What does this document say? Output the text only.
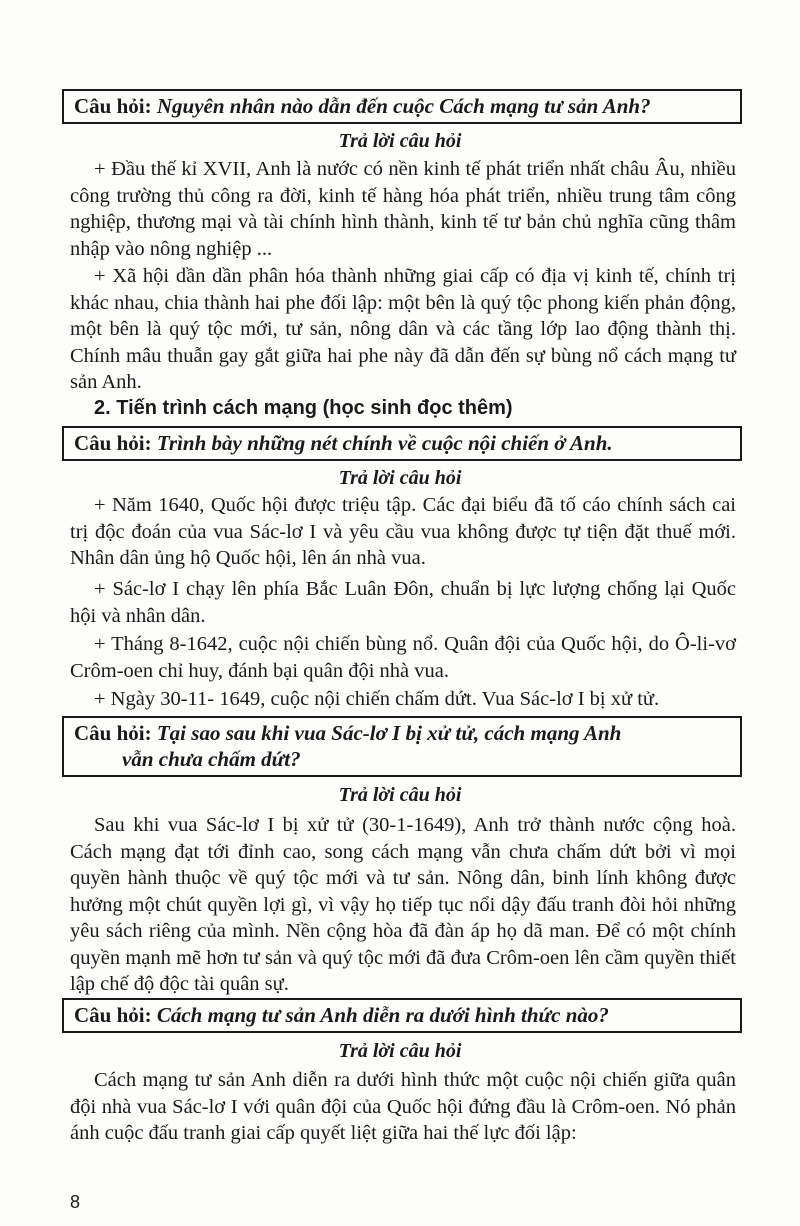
Câu hỏi: Nguyên nhân nào dẫn đến cuộc Cách mạng tư sản Anh?
Trả lời câu hỏi
+ Đầu thế kỉ XVII, Anh là nước có nền kinh tế phát triển nhất châu Âu, nhiều công trường thủ công ra đời, kinh tế hàng hóa phát triển, nhiều trung tâm công nghiệp, thương mại và tài chính hình thành, kinh tế tư bản chủ nghĩa cũng thâm nhập vào nông nghiệp ...
+ Xã hội dần dần phân hóa thành những giai cấp có địa vị kinh tế, chính trị khác nhau, chia thành hai phe đối lập: một bên là quý tộc phong kiến phản động, một bên là quý tộc mới, tư sản, nông dân và các tầng lớp lao động thành thị. Chính mâu thuẫn gay gắt giữa hai phe này đã dẫn đến sự bùng nổ cách mạng tư sản Anh.
2. Tiến trình cách mạng (học sinh đọc thêm)
Câu hỏi: Trình bày những nét chính về cuộc nội chiến ở Anh.
Trả lời câu hỏi
+ Năm 1640, Quốc hội được triệu tập. Các đại biểu đã tố cáo chính sách cai trị độc đoán của vua Sác-lơ I và yêu cầu vua không được tự tiện đặt thuế mới. Nhân dân ủng hộ Quốc hội, lên án nhà vua.
+ Sác-lơ I chạy lên phía Bắc Luân Đôn, chuẩn bị lực lượng chống lại Quốc hội và nhân dân.
+ Tháng 8-1642, cuộc nội chiến bùng nổ. Quân đội của Quốc hội, do Ô-li-vơ Crôm-oen chỉ huy, đánh bại quân đội nhà vua.
+ Ngày 30-11- 1649, cuộc nội chiến chấm dứt. Vua Sác-lơ I bị xử tử.
Câu hỏi: Tại sao sau khi vua Sác-lơ I bị xử tử, cách mạng Anh
vẫn chưa chấm dứt?
Trả lời câu hỏi
Sau khi vua Sác-lơ I bị xử tử (30-1-1649), Anh trở thành nước cộng hoà. Cách mạng đạt tới đỉnh cao, song cách mạng vẫn chưa chấm dứt bởi vì mọi quyền hành thuộc về quý tộc mới và tư sản. Nông dân, binh lính không được hưởng một chút quyền lợi gì, vì vậy họ tiếp tục nổi dậy đấu tranh đòi hỏi những yêu sách riêng của mình. Nền cộng hòa đã đàn áp họ dã man. Để có một chính quyền mạnh mẽ hơn tư sản và quý tộc mới đã đưa Crôm-oen lên cầm quyền thiết lập chế độ độc tài quân sự.
Câu hỏi: Cách mạng tư sản Anh diễn ra dưới hình thức nào?
Trả lời câu hỏi
Cách mạng tư sản Anh diễn ra dưới hình thức một cuộc nội chiến giữa quân đội nhà vua Sác-lơ I với quân đội của Quốc hội đứng đầu là Crôm-oen. Nó phản ánh cuộc đấu tranh giai cấp quyết liệt giữa hai thế lực đối lập:
8
